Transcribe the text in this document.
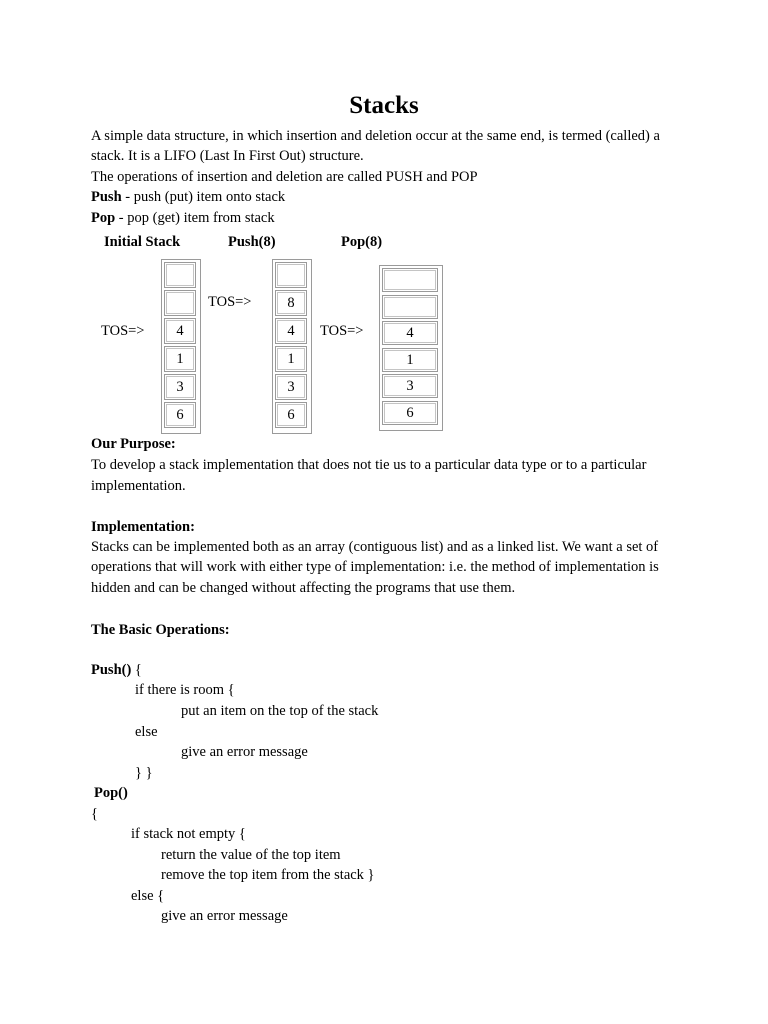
Stacks
A simple data structure, in which insertion and deletion occur at the same end, is termed (called) a
stack. It is a LIFO (Last In First Out) structure.
The operations of insertion and deletion are called PUSH and POP
Push - push (put) item onto stack
Pop - pop (get) item from stack
Initial Stack	Push(8)	Pop(8)
TOS=>
TOS=>
TOS=>
4
1
3
6
8
4
1
3
6
4
1
3
6
Our Purpose:
To develop a stack implementation that does not tie us to a particular data type or to a particular
implementation.
Implementation:
Stacks can be implemented both as an array (contiguous list) and as a linked list. We want a set of
operations that will work with either type of implementation: i.e. the method of implementation is
hidden and can be changed without affecting the programs that use them.
The Basic Operations:
Push() {
if there is room {
put an item on the top of the stack
else
give an error message
} }
Pop()
{
if stack not empty {
return the value of the top item
remove the top item from the stack }
else {
give an error message
